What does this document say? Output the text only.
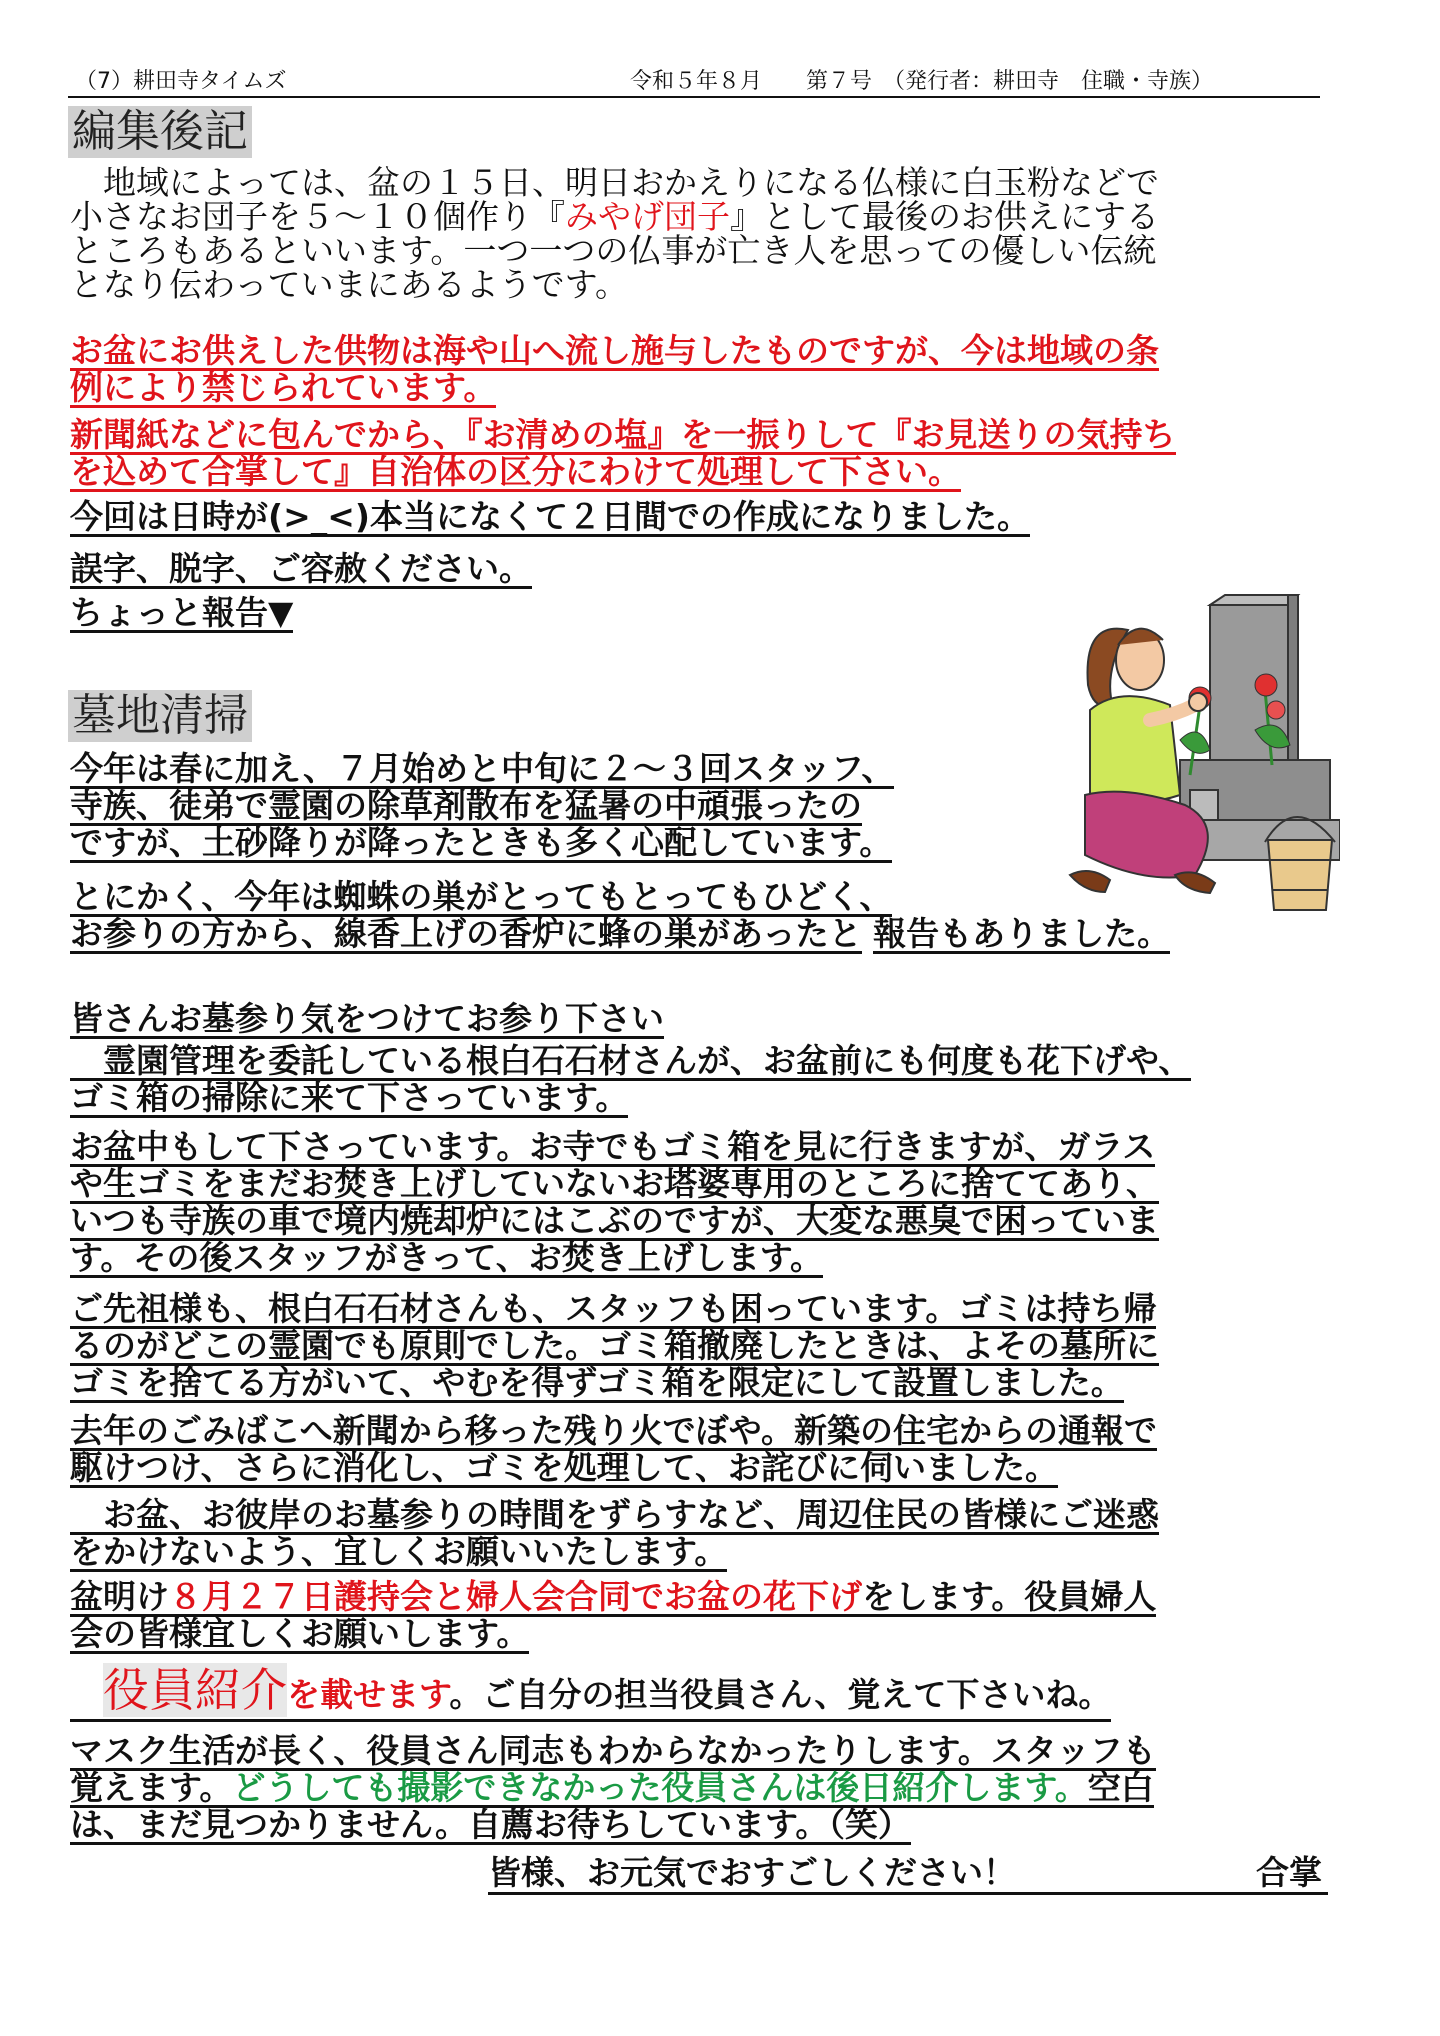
（7）耕田寺タイムズ	令和５年８月　　第７号　（発行者：耕田寺　住職・寺族）
編集後記
　地域によっては、盆の１５日、明日おかえりになる仏様に白玉粉などで
小さなお団子を５～１０個作り『みやげ団子』として最後のお供えにする
ところもあるといいます。一つ一つの仏事が亡き人を思っての優しい伝統
となり伝わっていまにあるようです。
お盆にお供えした供物は海や山へ流し施与したものですが、今は地域の条
例により禁じられています。
新聞紙などに包んでから、『お清めの塩』を一振りして『お見送りの気持ち
を込めて合掌して』自治体の区分にわけて処理して下さい。
今回は日時が(>_<)本当になくて２日間での作成になりました。
誤字、脱字、ご容赦ください。
ちょっと報告▼
墓地清掃
今年は春に加え、７月始めと中旬に２～３回スタッフ、 寺族、徒弟で霊園の除草剤散布を猛暑の中頑張ったの ですが、土砂降りが降ったときも多く心配しています。
とにかく、今年は蜘蛛の巣がとってもとってもひどく、 お参りの方から、線香上げの香炉に蜂の巣があったと 報告もありました。
皆さんお墓参り気をつけてお参り下さい
　霊園管理を委託している根白石石材さんが、お盆前にも何度も花下げや、 ゴミ箱の掃除に来て下さっています。
お盆中もして下さっています。お寺でもゴミ箱を見に行きますが、ガラス や生ゴミをまだお焚き上げしていないお塔婆専用のところに捨ててあり、 いつも寺族の車で境内焼却炉にはこぶのですが、大変な悪臭で困っていま す。その後スタッフがきって、お焚き上げします。
ご先祖様も、根白石石材さんも、スタッフも困っています。ゴミは持ち帰 るのがどこの霊園でも原則でした。ゴミ箱撤廃したときは、よその墓所に ゴミを捨てる方がいて、やむを得ずゴミ箱を限定にして設置しました。
去年のごみばこへ新聞から移った残り火でぼや。新築の住宅からの通報で 駆けつけ、さらに消化し、ゴミを処理して、お詫びに伺いました。
　お盆、お彼岸のお墓参りの時間をずらすなど、周辺住民の皆様にご迷惑 をかけないよう、宜しくお願いいたします。
盆明け８月２７日護持会と婦人会合同でお盆の花下げをします。役員婦人 会の皆様宜しくお願いします。
　役員紹介を載せます。ご自分の担当役員さん、覚えて下さいね。
マスク生活が長く、役員さん同志もわからなかったりします。スタッフも 覚えます。どうしても撮影できなかった役員さんは後日紹介します。空白 は、まだ見つかりません。自薦お待ちしています。（笑）
皆様、お元気でおすごしください！	合掌
